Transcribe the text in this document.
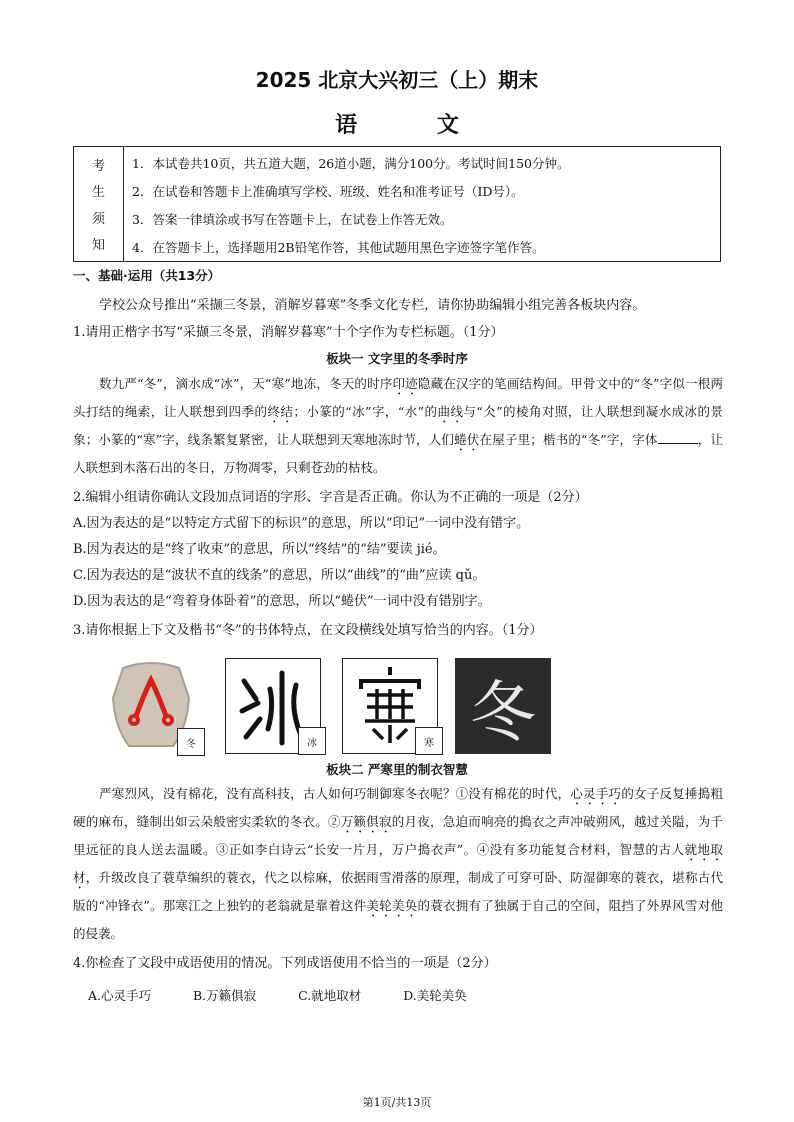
2025 北京大兴初三（上）期末
语 文
考
生
须
知
1．本试卷共10页，共五道大题，26道小题，满分100分。考试时间150分钟。
2．在试卷和答题卡上准确填写学校、班级、姓名和准考证号（ID号）。
3．答案一律填涂或书写在答题卡上，在试卷上作答无效。
4．在答题卡上，选择题用2B铅笔作答，其他试题用黑色字迹签字笔作答。
一、基础·运用（共13分）
学校公众号推出“采撷三冬景，消解岁暮寒”冬季文化专栏，请你协助编辑小组完善各板块内容。
1.请用正楷字书写“采撷三冬景，消解岁暮寒”十个字作为专栏标题。（1分）
板块一 文字里的冬季时序
数九严“冬”，滴水成“冰”，天“寒”地冻，冬天的时序印迹隐藏在汉字的笔画结构间。甲骨文中的“冬”字似一根两头打结的绳索，让人联想到四季的终结；小篆的“冰”字，“水”的曲线与“仌”的棱角对照，让人联想到凝水成冰的景象；小篆的“寒”字，线条繁复紧密，让人联想到天寒地冻时节，人们蜷伏在屋子里；楷书的“冬”字，字体	，让人联想到木落石出的冬日，万物凋零，只剩苍劲的枯枝。
2.编辑小组请你确认文段加点词语的字形、字音是否正确。你认为不正确的一项是（2分）
A.因为表达的是“以特定方式留下的标识”的意思，所以“印记”一词中没有错字。
B.因为表达的是“终了收束”的意思，所以“终结”的“结”要读 jié。
C.因为表达的是“波状不直的线条”的意思，所以“曲线”的“曲”应读 qǔ。
D.因为表达的是“弯着身体卧着”的意思，所以“蜷伏”一词中没有错别字。
3.请你根据上下文及楷书“冬”的书体特点，在文段横线处填写恰当的内容。（1分）
冬	冰	寒 冬
板块二 严寒里的制衣智慧
严寒烈风，没有棉花，没有高科技，古人如何巧制御寒冬衣呢？①没有棉花的时代，心灵手巧的女子反复捶搗粗硬的麻布，缝制出如云朵般密实柔软的冬衣。②万籁俱寂的月夜，急迫而响亮的搗衣之声冲破朔风，越过关隘，为千里远征的良人送去温暖。③正如李白诗云“长安一片月，万户搗衣声”。④没有多功能复合材料，智慧的古人就地取材，升级改良了蓑草编织的蓑衣，代之以棕麻，依据雨雪滑落的原理，制成了可穿可卧、防湿御寒的蓑衣，堪称古代版的“冲锋衣”。那寒江之上独钓的老翁就是靠着这件美轮美奂的蓑衣拥有了独属于自己的空间，阻挡了外界风雪对他的侵袭。
4.你检查了文段中成语使用的情况。下列成语使用不恰当的一项是（2分）
A.心灵手巧	B.万籁俱寂	C.就地取材	D.美轮美奂
第1页/共13页
